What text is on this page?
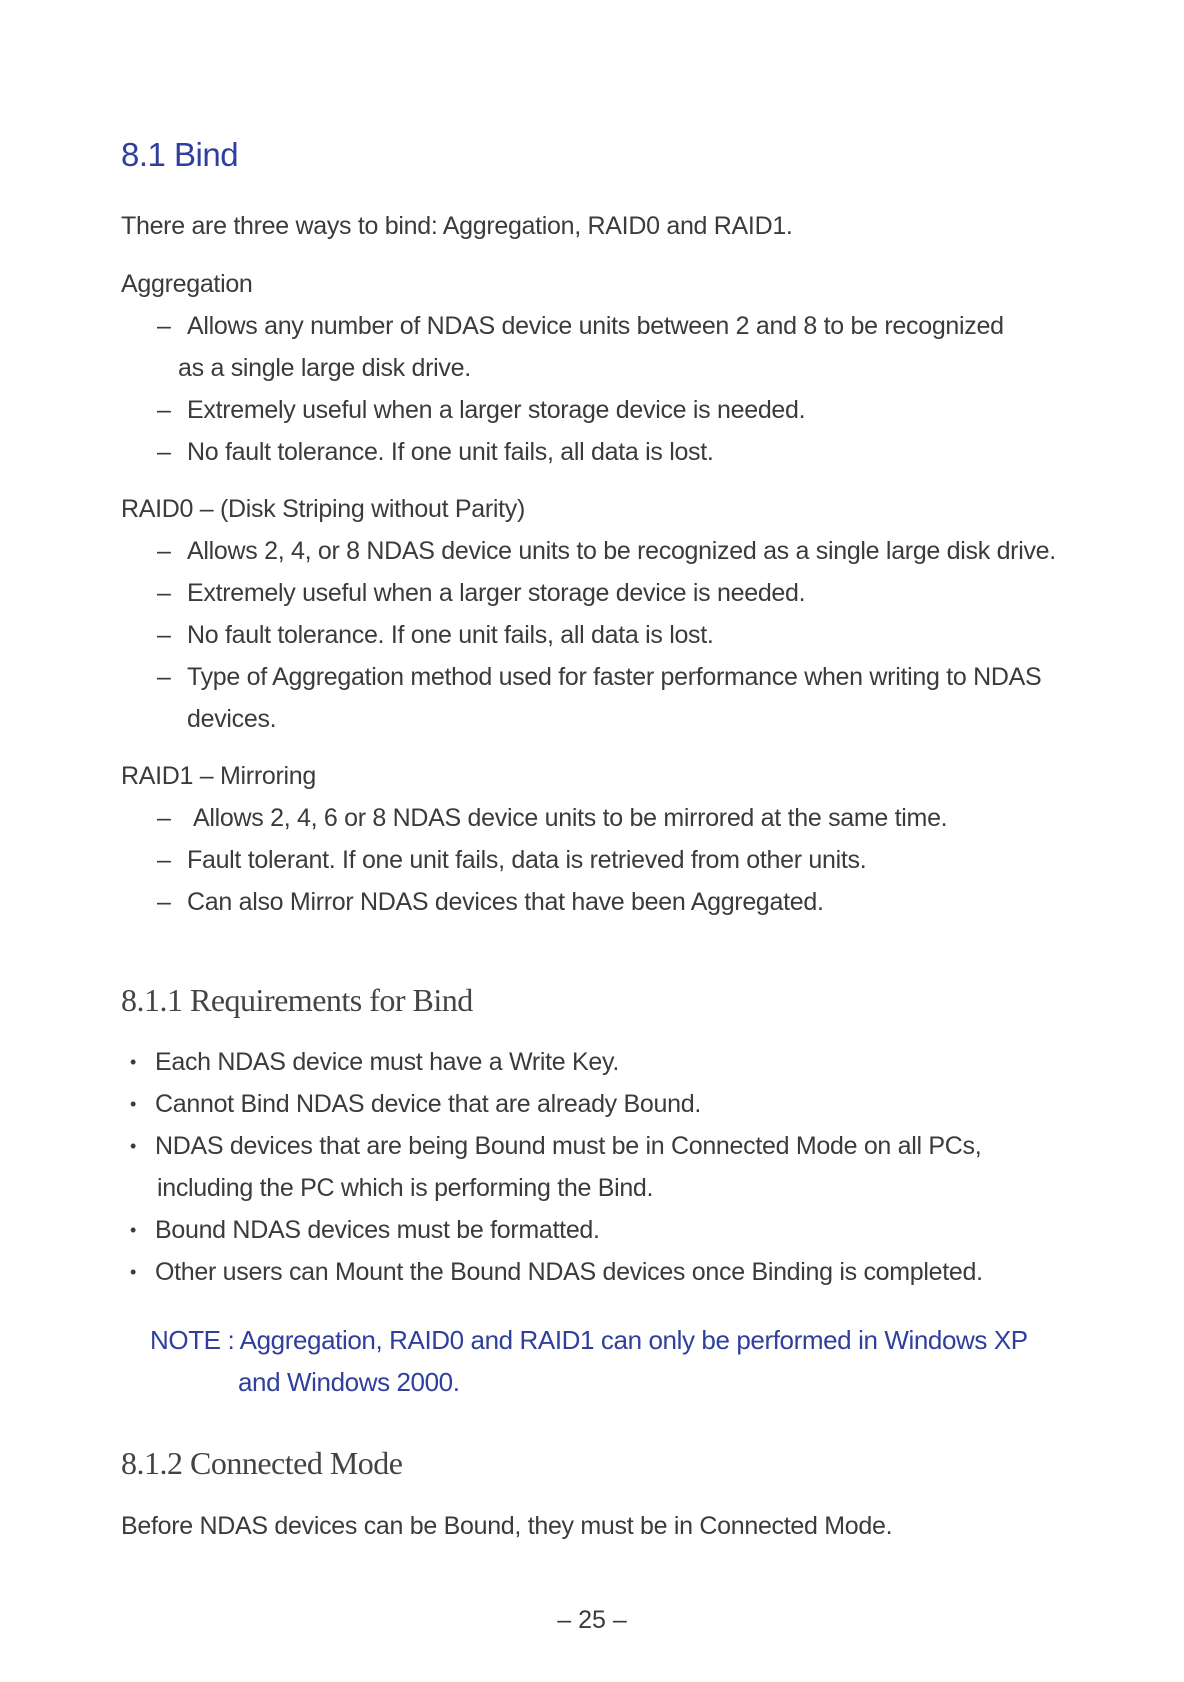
8.1 Bind
There are three ways to bind: Aggregation, RAID0 and RAID1.
Aggregation
– Allows any number of NDAS device units between 2 and 8 to be recognized
as a single large disk drive.
– Extremely useful when a larger storage device is needed.
– No fault tolerance. If one unit fails, all data is lost.
RAID0 – (Disk Striping without Parity)
– Allows 2, 4, or 8 NDAS device units to be recognized as a single large disk drive.
– Extremely useful when a larger storage device is needed.
– No fault tolerance. If one unit fails, all data is lost.
– Type of Aggregation method used for faster performance when writing to NDAS
devices.
RAID1 – Mirroring
– Allows 2, 4, 6 or 8 NDAS device units to be mirrored at the same time.
– Fault tolerant. If one unit fails, data is retrieved from other units.
– Can also Mirror NDAS devices that have been Aggregated.
8.1.1 Requirements for Bind
• Each NDAS device must have a Write Key.
• Cannot Bind NDAS device that are already Bound.
• NDAS devices that are being Bound must be in Connected Mode on all PCs,
including the PC which is performing the Bind.
• Bound NDAS devices must be formatted.
• Other users can Mount the Bound NDAS devices once Binding is completed.
NOTE : Aggregation, RAID0 and RAID1 can only be performed in Windows XP
and Windows 2000.
8.1.2 Connected Mode
Before NDAS devices can be Bound, they must be in Connected Mode.
– 25 –
